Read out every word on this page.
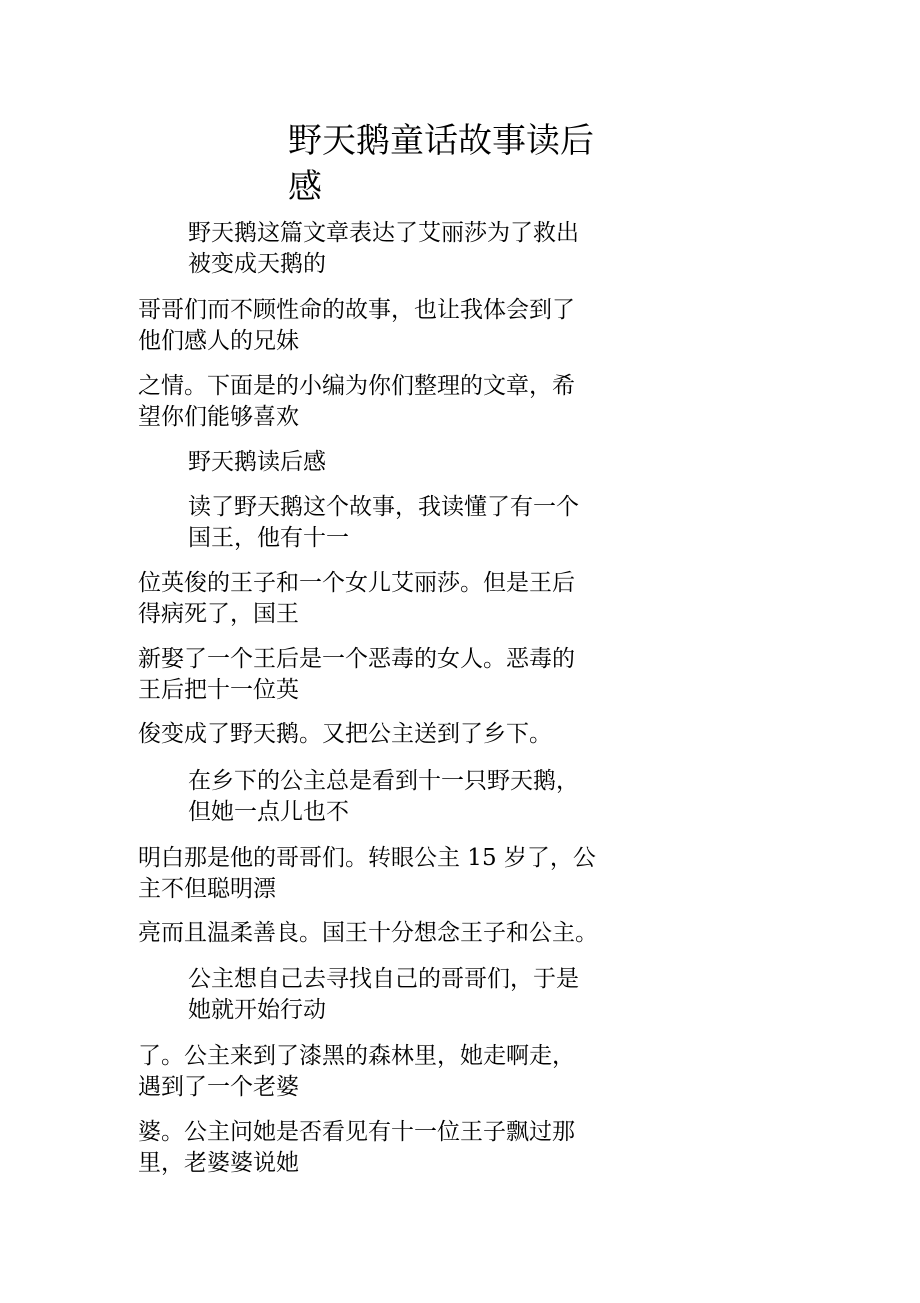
野天鹅童话故事读后
感

野天鹅这篇文章表达了艾丽莎为了救出
被变成天鹅的

哥哥们而不顾性命的故事，也让我体会到了
他们感人的兄妹

之情。下面是的小编为你们整理的文章，希
望你们能够喜欢

野天鹅读后感

读了野天鹅这个故事，我读懂了有一个
国王，他有十一

位英俊的王子和一个女儿艾丽莎。但是王后
得病死了，国王

新娶了一个王后是一个恶毒的女人。恶毒的
王后把十一位英

俊变成了野天鹅。又把公主送到了乡下。

在乡下的公主总是看到十一只野天鹅，
但她一点儿也不

明白那是他的哥哥们。转眼公主 15 岁了，公
主不但聪明漂

亮而且温柔善良。国王十分想念王子和公主。

公主想自己去寻找自己的哥哥们，于是
她就开始行动

了。公主来到了漆黑的森林里，她走啊走，
遇到了一个老婆

婆。公主问她是否看见有十一位王子飘过那
里，老婆婆说她
